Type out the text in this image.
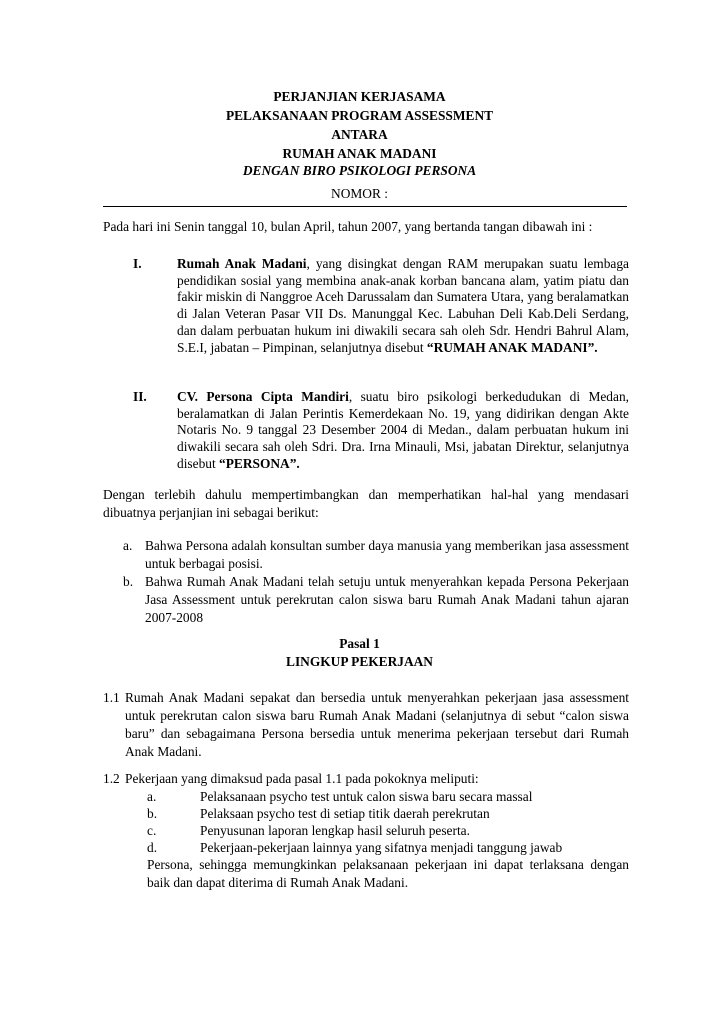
PERJANJIAN KERJASAMA
PELAKSANAAN PROGRAM ASSESSMENT
ANTARA
RUMAH ANAK MADANI
DENGAN BIRO PSIKOLOGI PERSONA
NOMOR :
Pada hari ini Senin tanggal 10, bulan April, tahun 2007, yang bertanda tangan dibawah ini :
I.	Rumah Anak Madani, yang disingkat dengan RAM merupakan suatu lembaga pendidikan sosial yang membina anak-anak korban bancana alam, yatim piatu dan fakir miskin di Nanggroe Aceh Darussalam dan Sumatera Utara, yang beralamatkan di Jalan Veteran Pasar VII Ds. Manunggal Kec. Labuhan Deli Kab.Deli Serdang, dan dalam perbuatan hukum ini diwakili secara sah oleh Sdr. Hendri Bahrul Alam, S.E.I, jabatan – Pimpinan, selanjutnya disebut “RUMAH ANAK MADANI”.
II. CV. Persona Cipta Mandiri, suatu biro psikologi berkedudukan di Medan, beralamatkan di Jalan Perintis Kemerdekaan No. 19, yang didirikan dengan Akte Notaris No. 9 tanggal 23 Desember 2004 di Medan., dalam perbuatan hukum ini diwakili secara sah oleh Sdri. Dra. Irna Minauli, Msi, jabatan Direktur, selanjutnya disebut “PERSONA”.
Dengan terlebih dahulu mempertimbangkan dan memperhatikan hal-hal yang mendasari dibuatnya perjanjian ini sebagai berikut:
a. Bahwa Persona adalah konsultan sumber daya manusia yang memberikan jasa assessment untuk berbagai posisi.
b. Bahwa Rumah Anak Madani telah setuju untuk menyerahkan kepada Persona Pekerjaan Jasa Assessment untuk perekrutan calon siswa baru Rumah Anak Madani tahun ajaran 2007-2008
Pasal 1
LINGKUP PEKERJAAN
1.1 Rumah Anak Madani sepakat dan bersedia untuk menyerahkan pekerjaan jasa assessment untuk perekrutan calon siswa baru Rumah Anak Madani (selanjutnya di sebut “calon siswa baru” dan sebagaimana Persona bersedia untuk menerima pekerjaan tersebut dari Rumah Anak Madani.
1.2 Pekerjaan yang dimaksud pada pasal 1.1 pada pokoknya meliputi:
a.	Pelaksanaan psycho test untuk calon siswa baru secara massal
b.	Pelaksaan psycho test di setiap titik daerah perekrutan
c.	Penyusunan laporan lengkap hasil seluruh peserta.
d.	Pekerjaan-pekerjaan lainnya yang sifatnya menjadi tanggung jawab
Persona, sehingga memungkinkan pelaksanaan pekerjaan ini dapat terlaksana dengan baik dan dapat diterima di Rumah Anak Madani.
